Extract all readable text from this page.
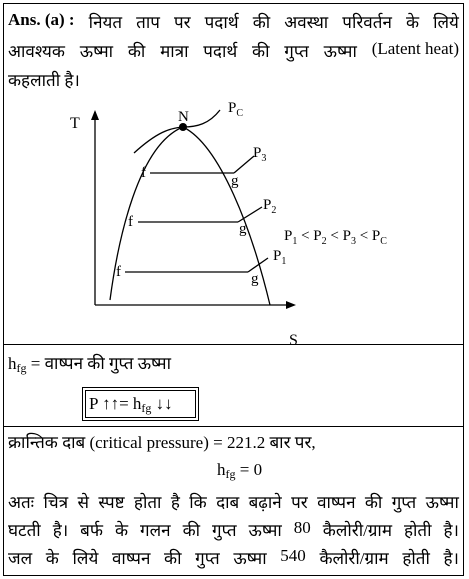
Ans. (a) : नियत ताप पर पदार्थ की अवस्था परिवर्तन के लिये
आवश्यक ऊष्मा की मात्रा पदार्थ की गुप्त ऊष्मा (Latent heat)
कहलाती है।
T
S
N
$P_C$
f	g
$P_3$
f	g
$P_2$
f	g
$P_1$
$P_1 < P_2 < P_3 < P_C$
$h_{fg}$ = वाष्पन की गुप्त ऊष्मा
P ↑↑= $h_{fg}$ ↓↓
क्रान्तिक दाब (critical pressure) = 221.2 बार पर,
$h_{fg} = 0$
अतः चित्र से स्पष्ट होता है कि दाब बढ़ाने पर वाष्पन की गुप्त ऊष्मा
घटती है। बर्फ के गलन की गुप्त ऊष्मा 80 कैलोरी/ग्राम होती है।
जल के लिये वाष्पन की गुप्त ऊष्मा 540 कैलोरी/ग्राम होती है।
